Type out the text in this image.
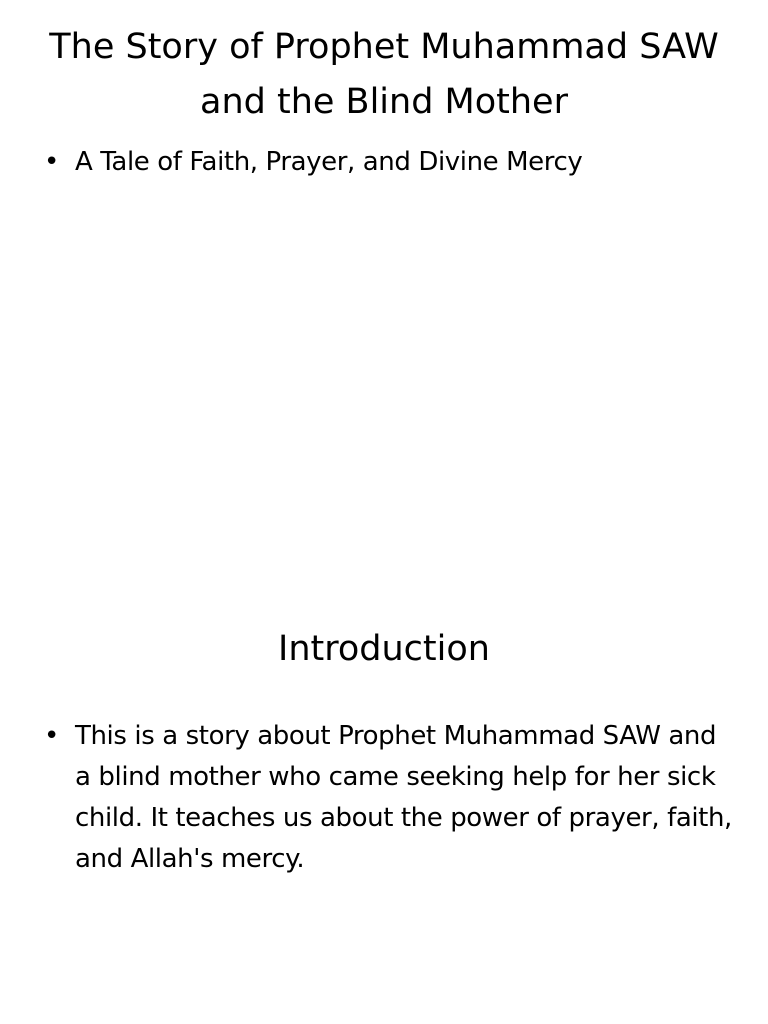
The Story of Prophet Muhammad SAW and the Blind Mother
• A Tale of Faith, Prayer, and Divine Mercy
Introduction
• This is a story about Prophet Muhammad SAW and a blind mother who came seeking help for her sick child. It teaches us about the power of prayer, faith, and Allah's mercy.
